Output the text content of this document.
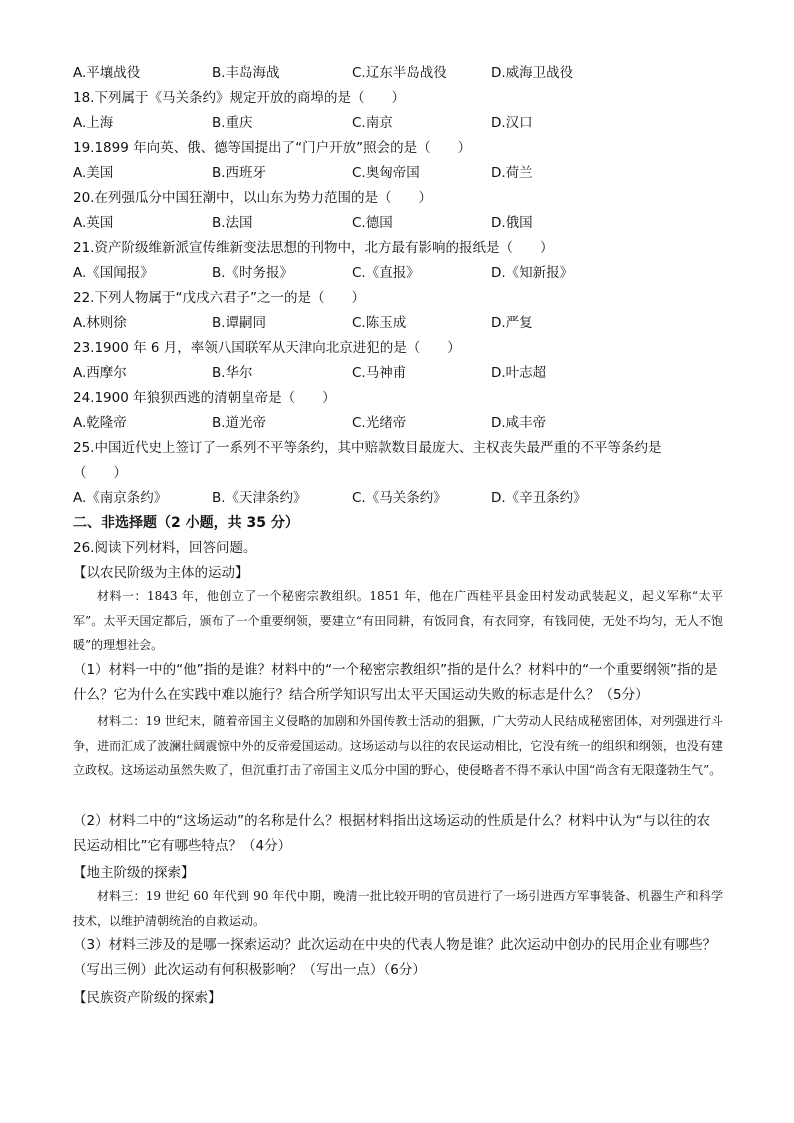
A.平壤战役	B.丰岛海战	C.辽东半岛战役	D.威海卫战役
18.下列属于《马关条约》规定开放的商埠的是（　　）
A.上海	B.重庆	C.南京	D.汉口
19.1899 年向英、俄、德等国提出了“门户开放”照会的是（　　）
A.美国	B.西班牙	C.奥匈帝国	D.荷兰
20.在列强瓜分中国狂潮中，以山东为势力范围的是（　　）
A.英国	B.法国	C.德国	D.俄国
21.资产阶级维新派宣传维新变法思想的刊物中，北方最有影响的报纸是（　　）
A.《国闻报》	B.《时务报》	C.《直报》	D.《知新报》
22.下列人物属于“戊戌六君子”之一的是（　　）
A.林则徐	B.谭嗣同	C.陈玉成	D.严复
23.1900 年 6 月，率领八国联军从天津向北京进犯的是（　　）
A.西摩尔	B.华尔	C.马神甫	D.叶志超
24.1900 年狼狈西逃的清朝皇帝是（　　）
A.乾隆帝	B.道光帝	C.光绪帝	D.咸丰帝
25.中国近代史上签订了一系列不平等条约，其中赔款数目最庞大、主权丧失最严重的不平等条约是
（　　）
A.《南京条约》	B.《天津条约》	C.《马关条约》	D.《辛丑条约》
二、非选择题（2 小题，共 35 分）
26.阅读下列材料，回答问题。
【以农民阶级为主体的运动】
材料一：1843 年，他创立了一个秘密宗教组织。1851 年，他在广西桂平县金田村发动武装起义，起义军称“太平军”。太平天国定都后，颁布了一个重要纲领，要建立“有田同耕，有饭同食，有衣同穿，有钱同使，无处不均匀，无人不饱暖”的理想社会。
（1）材料一中的“他”指的是谁？材料中的“一个秘密宗教组织”指的是什么？材料中的“一个重要纲领”指的是什么？它为什么在实践中难以施行？结合所学知识写出太平天国运动失败的标志是什么？（5分）
材料二：19 世纪末，随着帝国主义侵略的加剧和外国传教士活动的猖獗，广大劳动人民结成秘密团体，对列强进行斗争，进而汇成了波澜壮阔震惊中外的反帝爱国运动。这场运动与以往的农民运动相比，它没有统一的组织和纲领，也没有建立政权。这场运动虽然失败了，但沉重打击了帝国主义瓜分中国的野心，使侵略者不得不承认中国“尚含有无限蓬勃生气”。
（2）材料二中的“这场运动”的名称是什么？根据材料指出这场运动的性质是什么？材料中认为“与以往的农民运动相比”它有哪些特点？（4分）
【地主阶级的探索】
材料三：19 世纪 60 年代到 90 年代中期，晚清一批比较开明的官员进行了一场引进西方军事装备、机器生产和科学技术，以维护清朝统治的自救运动。
（3）材料三涉及的是哪一探索运动？此次运动在中央的代表人物是谁？此次运动中创办的民用企业有哪些？（写出三例）此次运动有何积极影响？（写出一点）（6分）
【民族资产阶级的探索】
